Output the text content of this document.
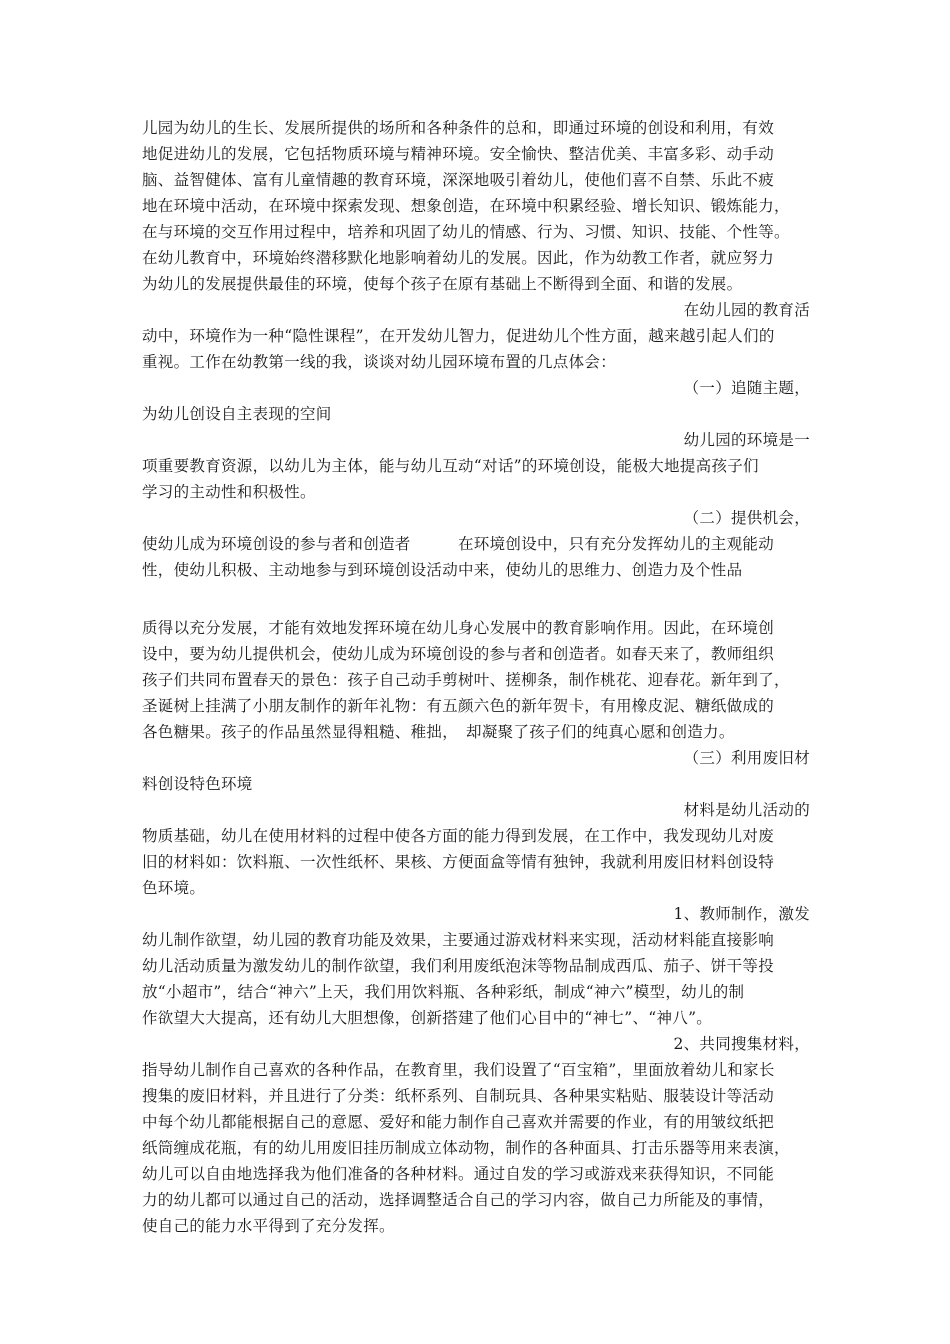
儿园为幼儿的生长、发展所提供的场所和各种条件的总和，即通过环境的创设和利用，有效
地促进幼儿的发展，它包括物质环境与精神环境。安全愉快、整洁优美、丰富多彩、动手动
脑、益智健体、富有儿童情趣的教育环境，深深地吸引着幼儿，使他们喜不自禁、乐此不疲
地在环境中活动，在环境中探索发现、想象创造，在环境中积累经验、增长知识、锻炼能力，
在与环境的交互作用过程中，培养和巩固了幼儿的情感、行为、习惯、知识、技能、个性等。
在幼儿教育中，环境始终潜移默化地影响着幼儿的发展。因此，作为幼教工作者，就应努力
为幼儿的发展提供最佳的环境，使每个孩子在原有基础上不断得到全面、和谐的发展。
在幼儿园的教育活
动中，环境作为一种“隐性课程”，在开发幼儿智力，促进幼儿个性方面，越来越引起人们的
重视。工作在幼教第一线的我，谈谈对幼儿园环境布置的几点体会：
（一）追随主题，
为幼儿创设自主表现的空间
幼儿园的环境是一
项重要教育资源，以幼儿为主体，能与幼儿互动“对话”的环境创设，能极大地提高孩子们
学习的主动性和积极性。
（二）提供机会，
使幼儿成为环境创设的参与者和创造者　　　在环境创设中，只有充分发挥幼儿的主观能动
性，使幼儿积极、主动地参与到环境创设活动中来，使幼儿的思维力、创造力及个性品
质得以充分发展，才能有效地发挥环境在幼儿身心发展中的教育影响作用。因此，在环境创
设中，要为幼儿提供机会，使幼儿成为环境创设的参与者和创造者。如春天来了，教师组织
孩子们共同布置春天的景色：孩子自己动手剪树叶、搓柳条，制作桃花、迎春花。新年到了，
圣诞树上挂满了小朋友制作的新年礼物：有五颜六色的新年贺卡，有用橡皮泥、糖纸做成的
各色糖果。孩子的作品虽然显得粗糙、稚拙，　却凝聚了孩子们的纯真心愿和创造力。
（三）利用废旧材
料创设特色环境
材料是幼儿活动的
物质基础，幼儿在使用材料的过程中使各方面的能力得到发展，在工作中，我发现幼儿对废
旧的材料如：饮料瓶、一次性纸杯、果核、方便面盒等情有独钟，我就利用废旧材料创设特
色环境。
1、教师制作，激发
幼儿制作欲望，幼儿园的教育功能及效果，主要通过游戏材料来实现，活动材料能直接影响
幼儿活动质量为激发幼儿的制作欲望，我们利用废纸泡沫等物品制成西瓜、茄子、饼干等投
放“小超市”，结合“神六”上天，我们用饮料瓶、各种彩纸，制成“神六”模型，幼儿的制
作欲望大大提高，还有幼儿大胆想像，创新搭建了他们心目中的“神七”、“神八”。
2、共同搜集材料，
指导幼儿制作自己喜欢的各种作品，在教育里，我们设置了“百宝箱”，里面放着幼儿和家长
搜集的废旧材料，并且进行了分类：纸杯系列、自制玩具、各种果实粘贴、服装设计等活动
中每个幼儿都能根据自己的意愿、爱好和能力制作自己喜欢并需要的作业，有的用皱纹纸把
纸筒缠成花瓶，有的幼儿用废旧挂历制成立体动物，制作的各种面具、打击乐器等用来表演，
幼儿可以自由地选择我为他们准备的各种材料。通过自发的学习或游戏来获得知识，不同能
力的幼儿都可以通过自己的活动，选择调整适合自己的学习内容，做自己力所能及的事情，
使自己的能力水平得到了充分发挥。
